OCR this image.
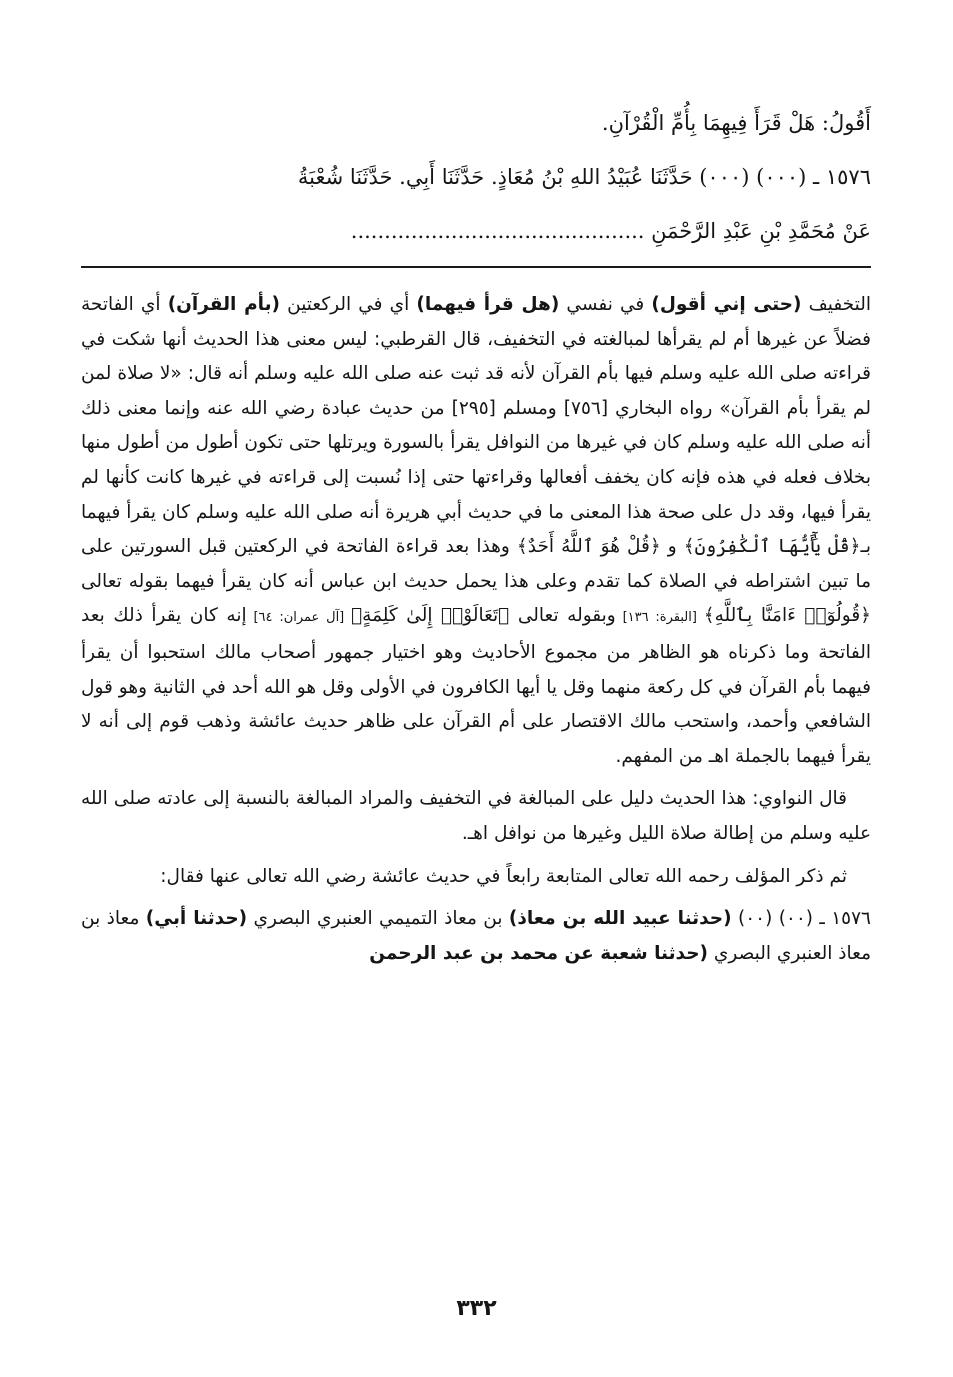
أَقُولُ: هَلْ قَرَأَ فِيهِمَا بِأُمِّ الْقُرْآنِ.

١٥٧٦ ـ (٠٠٠) (٠٠٠) حَدَّثَنَا عُبَيْدُ اللهِ بْنُ مُعَاذٍ. حَدَّثَنَا أَبِي. حَدَّثَنَا شُعْبَةُ

عَنْ مُحَمَّدِ بْنِ عَبْدِ الرَّحْمَنِ ............................................

التخفيف (حتى إني أقول) في نفسي (هل قرأ فيهما) أي في الركعتين (بأم القرآن) أي الفاتحة فضلاً عن غيرها أم لم يقرأها لمبالغته في التخفيف، قال القرطبي: ليس معنى هذا الحديث أنها شكت في قراءته صلى الله عليه وسلم فيها بأم القرآن لأنه قد ثبت عنه صلى الله عليه وسلم أنه قال: «لا صلاة لمن لم يقرأ بأم القرآن» رواه البخاري [٧٥٦] ومسلم [٢٩٥] من حديث عبادة رضي الله عنه وإنما معنى ذلك أنه صلى الله عليه وسلم كان في غيرها من النوافل يقرأ بالسورة ويرتلها حتى تكون أطول من أطول منها بخلاف فعله في هذه فإنه كان يخفف أفعالها وقراءتها حتى إذا نُسبت إلى قراءته في غيرها كانت كأنها لم يقرأ فيها، وقد دل على صحة هذا المعنى ما في حديث أبي هريرة أنه صلى الله عليه وسلم كان يقرأ فيهما بـ﴿قُلْ يَٰٓأَيُّهَا ٱلْكَٰفِرُونَ﴾ و ﴿قُلْ هُوَ ٱللَّهُ أَحَدٌ﴾ وهذا بعد قراءة الفاتحة في الركعتين قبل السورتين على ما تبين اشتراطه في الصلاة كما تقدم وعلى هذا يحمل حديث ابن عباس أنه كان يقرأ فيهما بقوله تعالى ﴿قُولُوٓا۟ ءَامَنَّا بِٱللَّهِ﴾ [البقرة: ١٣٦] وبقوله تعالى ﴿تَعَالَوْا۟ إِلَىٰ كَلِمَةٍ﴾ [آل عمران: ٦٤] إنه كان يقرأ ذلك بعد الفاتحة وما ذكرناه هو الظاهر من مجموع الأحاديث وهو اختيار جمهور أصحاب مالك استحبوا أن يقرأ فيهما بأم القرآن في كل ركعة منهما وقل يا أيها الكافرون في الأولى وقل هو الله أحد في الثانية وهو قول الشافعي وأحمد، واستحب مالك الاقتصار على أم القرآن على ظاهر حديث عائشة وذهب قوم إلى أنه لا يقرأ فيهما بالجملة اهـ من المفهم.

قال النواوي: هذا الحديث دليل على المبالغة في التخفيف والمراد المبالغة بالنسبة إلى عادته صلى الله عليه وسلم من إطالة صلاة الليل وغيرها من نوافل اهـ.

ثم ذكر المؤلف رحمه الله تعالى المتابعة رابعاً في حديث عائشة رضي الله تعالى عنها فقال:

١٥٧٦ ـ (٠٠) (٠٠) (حدثنا عبيد الله بن معاذ) بن معاذ التميمي العنبري البصري (حدثنا أبي) معاذ بن معاذ العنبري البصري (حدثنا شعبة عن محمد بن عبد الرحمن

٣٣٢
